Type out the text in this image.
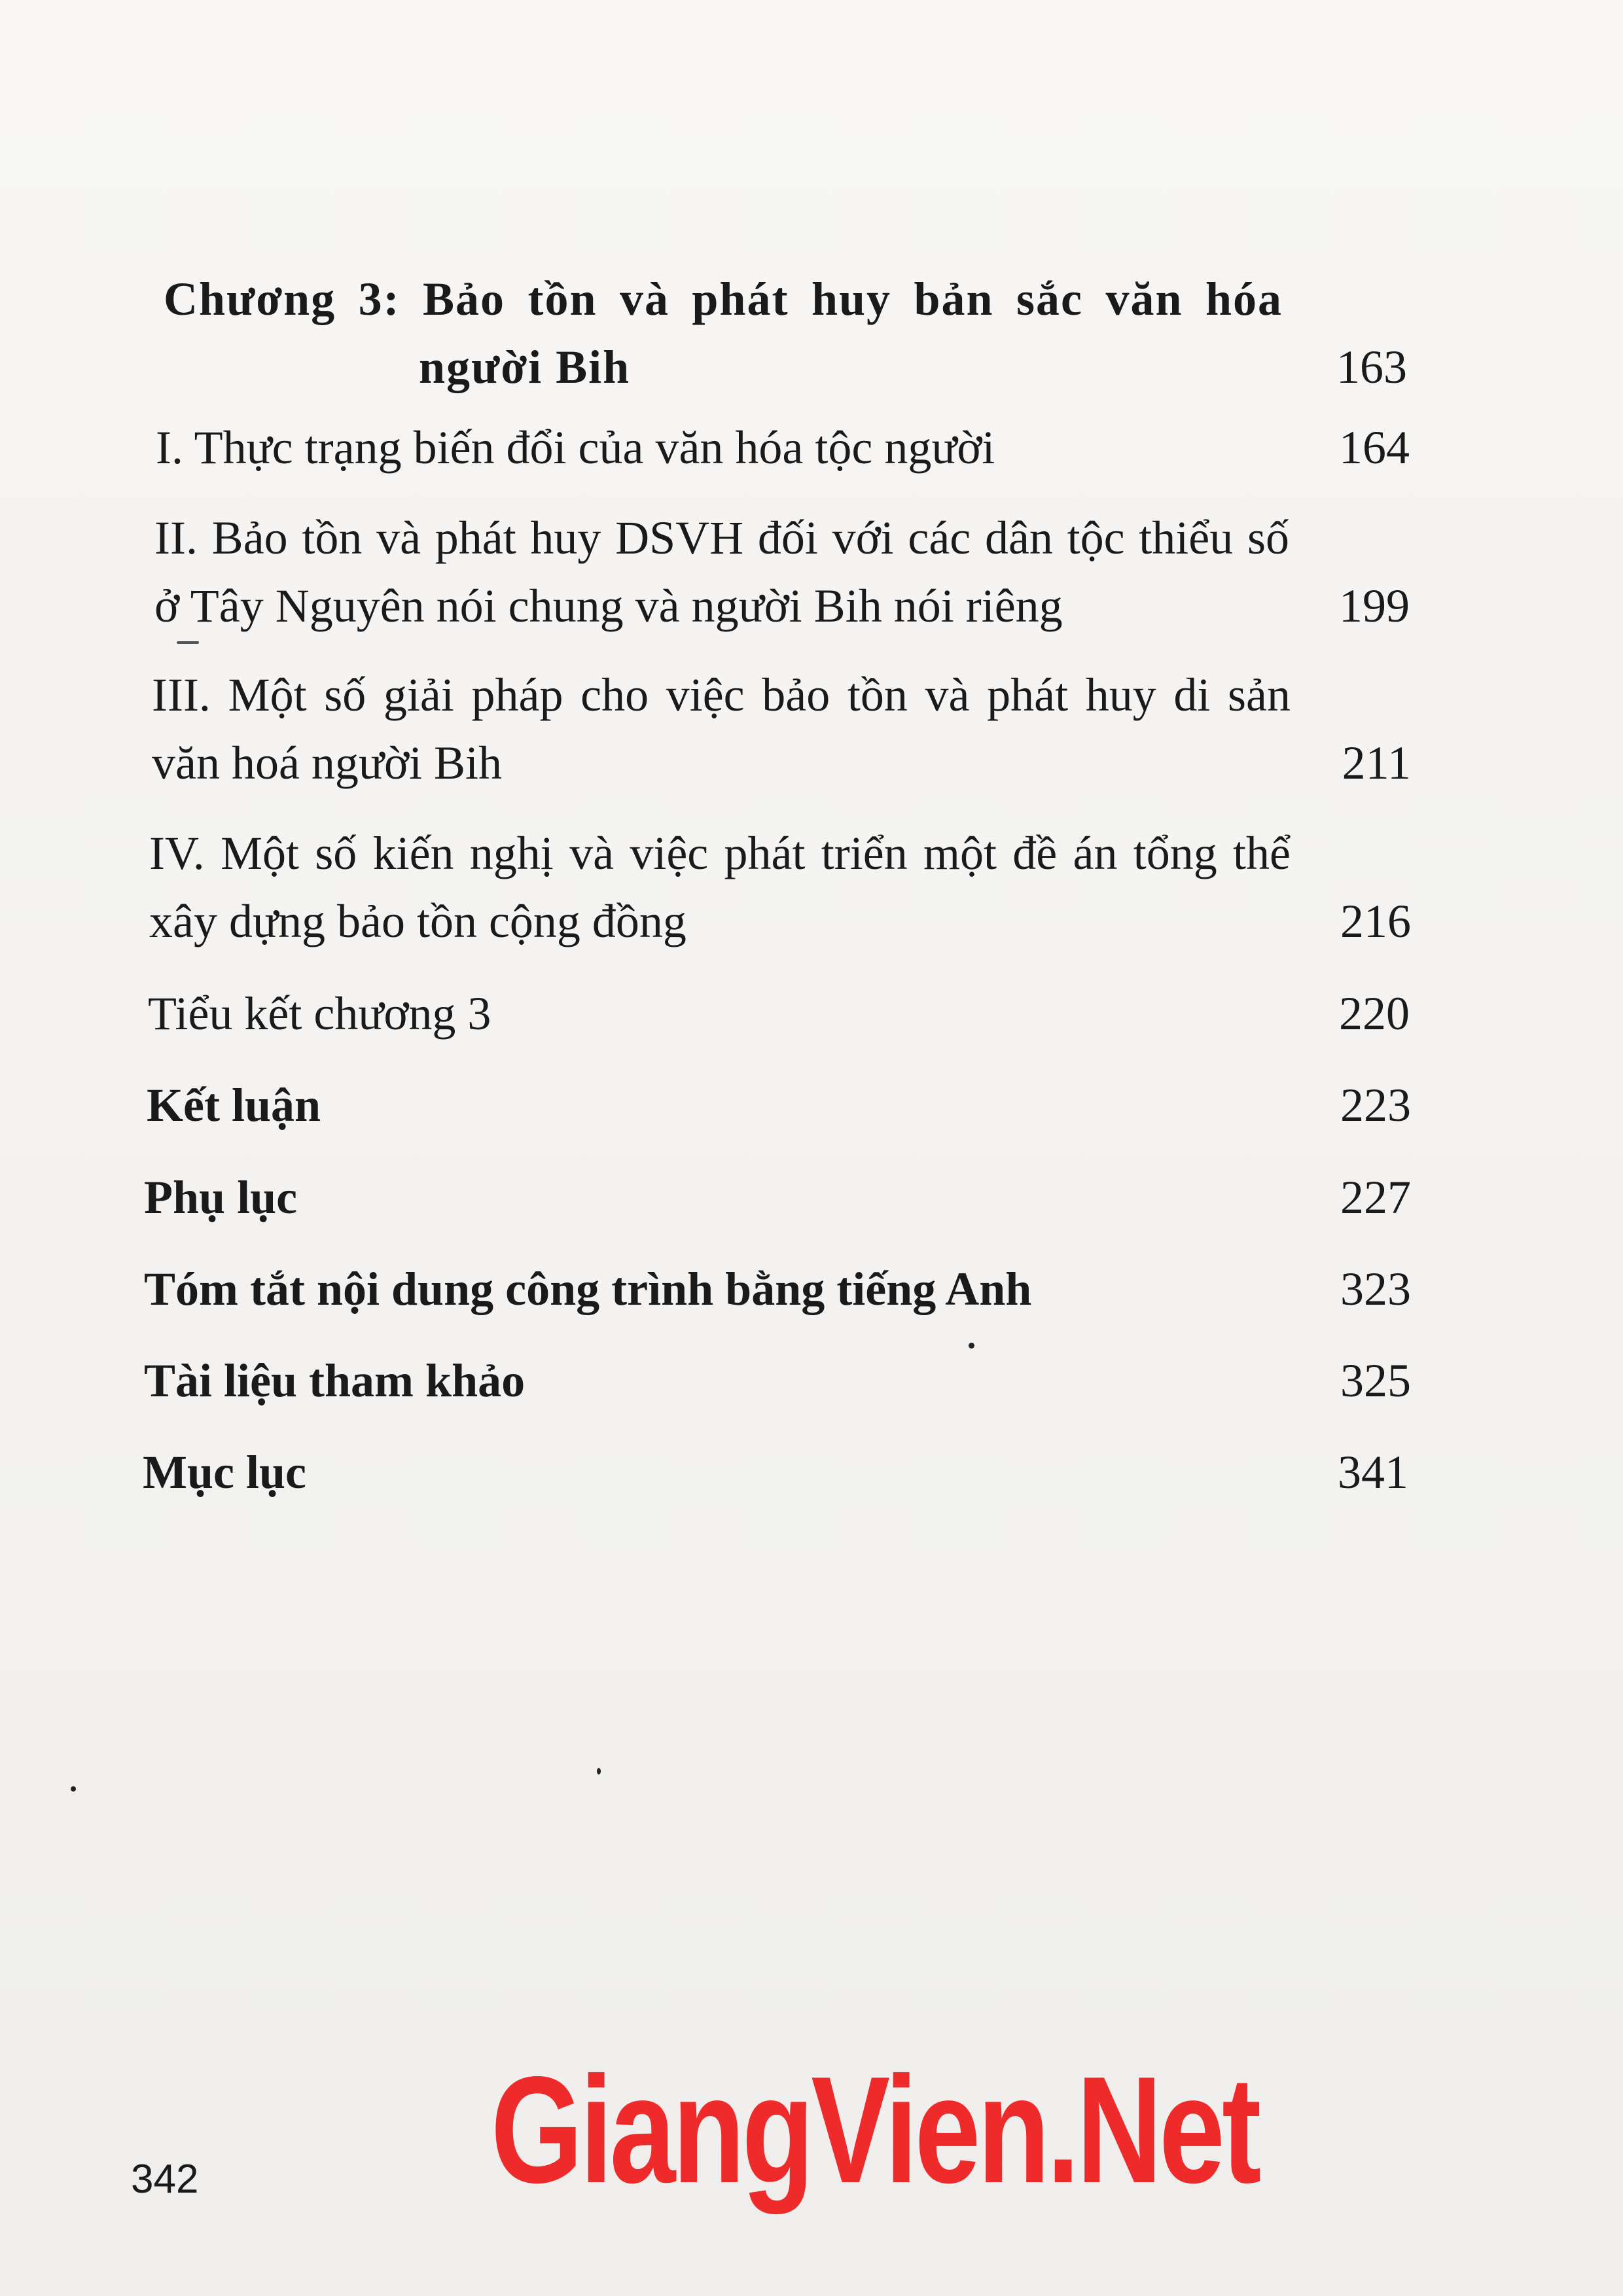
Chương 3: Bảo tồn và phát huy bản sắc văn hóa
người Bih	163
I. Thực trạng biến đổi của văn hóa tộc người	164
II. Bảo tồn và phát huy DSVH đối với các dân tộc thiểu số ở Tây Nguyên nói chung và người Bih nói riêng	199
III. Một số giải pháp cho việc bảo tồn và phát huy di sản văn hoá người Bih	211
IV. Một số kiến nghị và việc phát triển một đề án tổng thể xây dựng bảo tồn cộng đồng	216
Tiểu kết chương 3	220
Kết luận	223
Phụ lục	227
Tóm tắt nội dung công trình bằng tiếng Anh	323
Tài liệu tham khảo	325
Mục lục	341
342 GiangVien.Net
